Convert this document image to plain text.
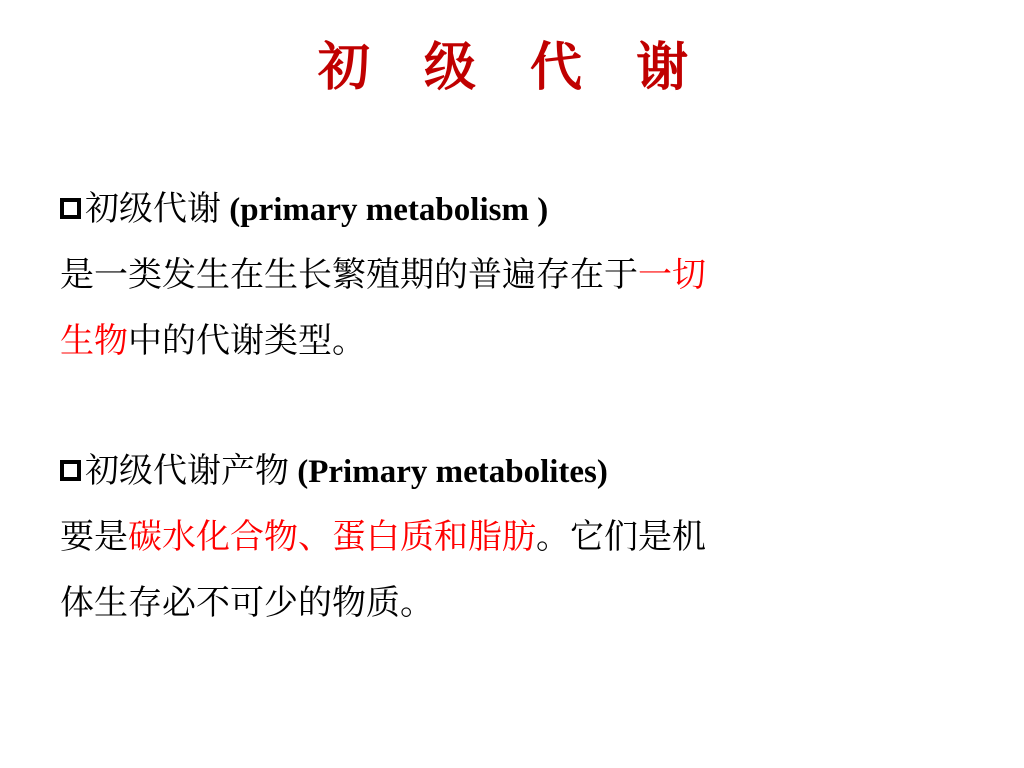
初 级 代 谢
初级代谢 (primary metabolism )
是一类发生在生长繁殖期的普遍存在于一切
生物中的代谢类型。
初级代谢产物 (Primary metabolites)
要是碳水化合物、蛋白质和脂肪。它们是机
体生存必不可少的物质。
